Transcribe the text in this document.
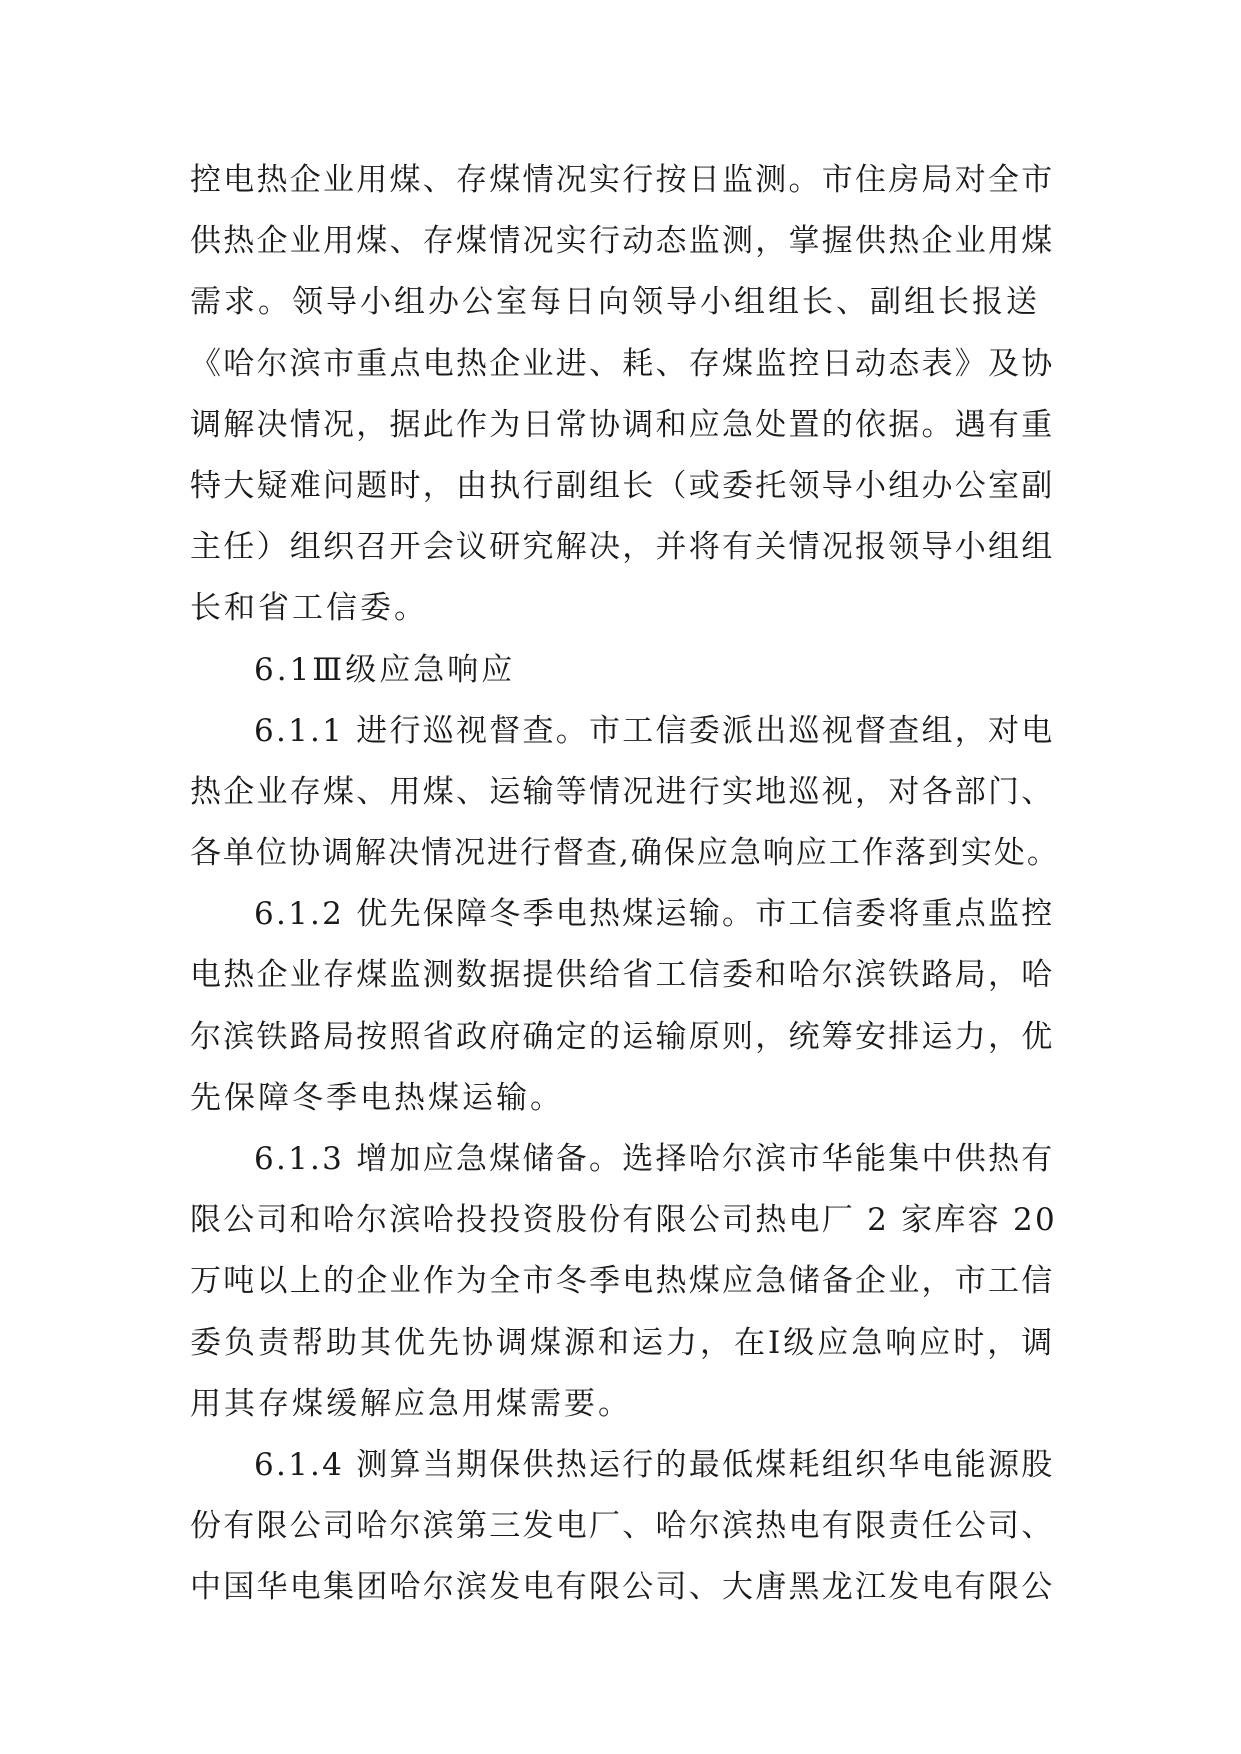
控电热企业用煤、存煤情况实行按日监测。市住房局对全市
供热企业用煤、存煤情况实行动态监测，掌握供热企业用煤
需求。领导小组办公室每日向领导小组组长、副组长报送
《哈尔滨市重点电热企业进、耗、存煤监控日动态表》及协
调解决情况，据此作为日常协调和应急处置的依据。遇有重
特大疑难问题时，由执行副组长（或委托领导小组办公室副
主任）组织召开会议研究解决，并将有关情况报领导小组组
长和省工信委。
6.1Ⅲ级应急响应
6.1.1 进行巡视督查。市工信委派出巡视督查组，对电
热企业存煤、用煤、运输等情况进行实地巡视，对各部门、
各单位协调解决情况进行督查,确保应急响应工作落到实处。
6.1.2 优先保障冬季电热煤运输。市工信委将重点监控
电热企业存煤监测数据提供给省工信委和哈尔滨铁路局，哈
尔滨铁路局按照省政府确定的运输原则，统筹安排运力，优
先保障冬季电热煤运输。
6.1.3 增加应急煤储备。选择哈尔滨市华能集中供热有
限公司和哈尔滨哈投投资股份有限公司热电厂 2 家库容 20
万吨以上的企业作为全市冬季电热煤应急储备企业，市工信
委负责帮助其优先协调煤源和运力，在Ⅰ级应急响应时，调
用其存煤缓解应急用煤需要。
6.1.4 测算当期保供热运行的最低煤耗组织华电能源股
份有限公司哈尔滨第三发电厂、哈尔滨热电有限责任公司、
中国华电集团哈尔滨发电有限公司、大唐黑龙江发电有限公
